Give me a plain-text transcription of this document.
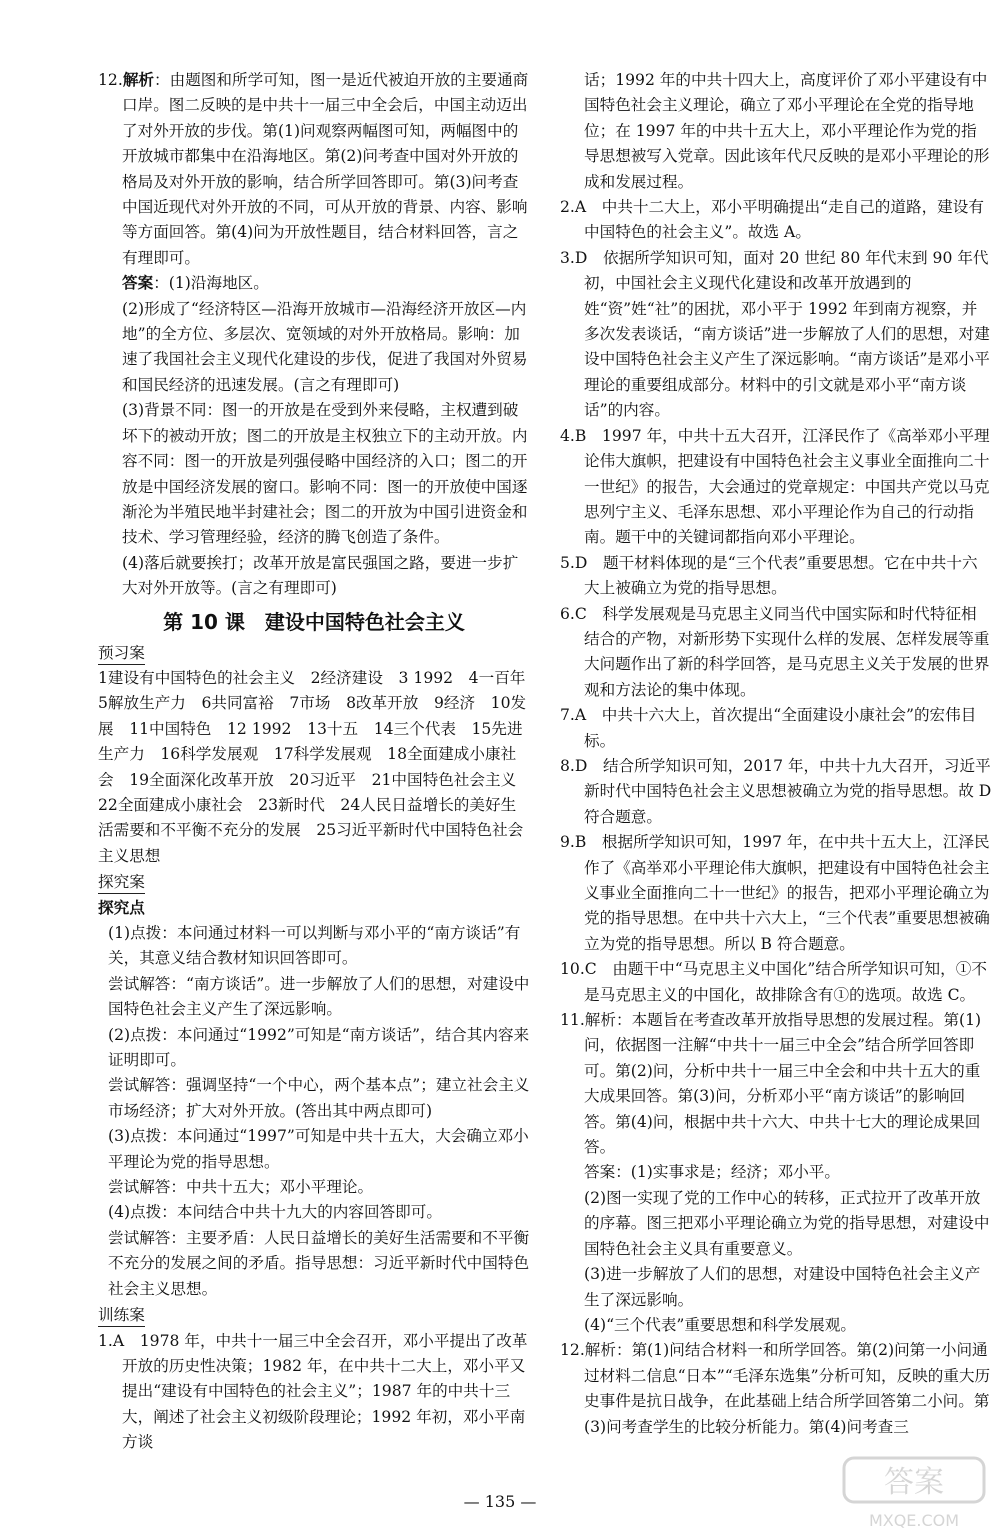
12.解析：由题图和所学可知，图一是近代被迫开放的主要通商口岸。图二反映的是中共十一届三中全会后，中国主动迈出了对外开放的步伐。第(1)问观察两幅图可知，两幅图中的开放城市都集中在沿海地区。第(2)问考查中国对外开放的格局及对外开放的影响，结合所学回答即可。第(3)问考查中国近现代对外开放的不同，可从开放的背景、内容、影响等方面回答。第(4)问为开放性题目，结合材料回答，言之有理即可。

答案：(1)沿海地区。

(2)形成了“经济特区—沿海开放城市—沿海经济开放区—内地”的全方位、多层次、宽领域的对外开放格局。影响：加速了我国社会主义现代化建设的步伐，促进了我国对外贸易和国民经济的迅速发展。(言之有理即可)

(3)背景不同：图一的开放是在受到外来侵略，主权遭到破坏下的被动开放；图二的开放是主权独立下的主动开放。内容不同：图一的开放是列强侵略中国经济的入口；图二的开放是中国经济发展的窗口。影响不同：图一的开放使中国逐渐沦为半殖民地半封建社会；图二的开放为中国引进资金和技术、学习管理经验，经济的腾飞创造了条件。

(4)落后就要挨打；改革开放是富民强国之路，要进一步扩大对外开放等。(言之有理即可)

第 10 课　建设中国特色社会主义

预习案

1建设有中国特色的社会主义　2经济建设　3 1992　4一百年　5解放生产力　6共同富裕　7市场　8改革开放　9经济　10发展　11中国特色　12 1992　13十五　14三个代表　15先进生产力　16科学发展观　17科学发展观　18全面建成小康社会　19全面深化改革开放　20习近平　21中国特色社会主义　22全面建成小康社会　23新时代　24人民日益增长的美好生活需要和不平衡不充分的发展　25习近平新时代中国特色社会主义思想

探究案

探究点

(1)点拨：本问通过材料一可以判断与邓小平的“南方谈话”有关，其意义结合教材知识回答即可。

尝试解答：“南方谈话”。进一步解放了人们的思想，对建设中国特色社会主义产生了深远影响。

(2)点拨：本问通过“1992”可知是“南方谈话”，结合其内容来证明即可。

尝试解答：强调坚持“一个中心，两个基本点”；建立社会主义市场经济；扩大对外开放。(答出其中两点即可)

(3)点拨：本问通过“1997”可知是中共十五大，大会确立邓小平理论为党的指导思想。

尝试解答：中共十五大；邓小平理论。

(4)点拨：本问结合中共十九大的内容回答即可。

尝试解答：主要矛盾：人民日益增长的美好生活需要和不平衡不充分的发展之间的矛盾。指导思想：习近平新时代中国特色社会主义思想。

训练案

1.A　1978 年，中共十一届三中全会召开，邓小平提出了改革开放的历史性决策；1982 年，在中共十二大上，邓小平又提出“建设有中国特色的社会主义”；1987 年的中共十三大，阐述了社会主义初级阶段理论；1992 年初，邓小平南方谈

话；1992 年的中共十四大上，高度评价了邓小平建设有中国特色社会主义理论，确立了邓小平理论在全党的指导地位；在 1997 年的中共十五大上，邓小平理论作为党的指导思想被写入党章。因此该年代尺反映的是邓小平理论的形成和发展过程。

2.A　中共十二大上，邓小平明确提出“走自己的道路，建设有中国特色的社会主义”。故选 A。

3.D　依据所学知识可知，面对 20 世纪 80 年代末到 90 年代初，中国社会主义现代化建设和改革开放遇到的姓“资”姓“社”的困扰，邓小平于 1992 年到南方视察，并多次发表谈话，“南方谈话”进一步解放了人们的思想，对建设中国特色社会主义产生了深远影响。“南方谈话”是邓小平理论的重要组成部分。材料中的引文就是邓小平“南方谈话”的内容。

4.B　1997 年，中共十五大召开，江泽民作了《高举邓小平理论伟大旗帜，把建设有中国特色社会主义事业全面推向二十一世纪》的报告，大会通过的党章规定：中国共产党以马克思列宁主义、毛泽东思想、邓小平理论作为自己的行动指南。题干中的关键词都指向邓小平理论。

5.D　题干材料体现的是“三个代表”重要思想。它在中共十六大上被确立为党的指导思想。

6.C　科学发展观是马克思主义同当代中国实际和时代特征相结合的产物，对新形势下实现什么样的发展、怎样发展等重大问题作出了新的科学回答，是马克思主义关于发展的世界观和方法论的集中体现。

7.A　中共十六大上，首次提出“全面建设小康社会”的宏伟目标。

8.D　结合所学知识可知，2017 年，中共十九大召开，习近平新时代中国特色社会主义思想被确立为党的指导思想。故 D 符合题意。

9.B　根据所学知识可知，1997 年，在中共十五大上，江泽民作了《高举邓小平理论伟大旗帜，把建设有中国特色社会主义事业全面推向二十一世纪》的报告，把邓小平理论确立为党的指导思想。在中共十六大上，“三个代表”重要思想被确立为党的指导思想。所以 B 符合题意。

10.C　由题干中“马克思主义中国化”结合所学知识可知，①不是马克思主义的中国化，故排除含有①的选项。故选 C。

11.解析：本题旨在考查改革开放指导思想的发展过程。第(1)问，依据图一注解“中共十一届三中全会”结合所学回答即可。第(2)问，分析中共十一届三中全会和中共十五大的重大成果回答。第(3)问，分析邓小平“南方谈话”的影响回答。第(4)问，根据中共十六大、中共十七大的理论成果回答。

答案：(1)实事求是；经济；邓小平。

(2)图一实现了党的工作中心的转移，正式拉开了改革开放的序幕。图三把邓小平理论确立为党的指导思想，对建设中国特色社会主义具有重要意义。

(3)进一步解放了人们的思想，对建设中国特色社会主义产生了深远影响。

(4)“三个代表”重要思想和科学发展观。

12.解析：第(1)问结合材料一和所学回答。第(2)问第一小问通过材料二信息“日本”“毛泽东选集”分析可知，反映的重大历史事件是抗日战争，在此基础上结合所学回答第二小问。第(3)问考查学生的比较分析能力。第(4)问考查三

— 135 —
答案
MXQE.COM
